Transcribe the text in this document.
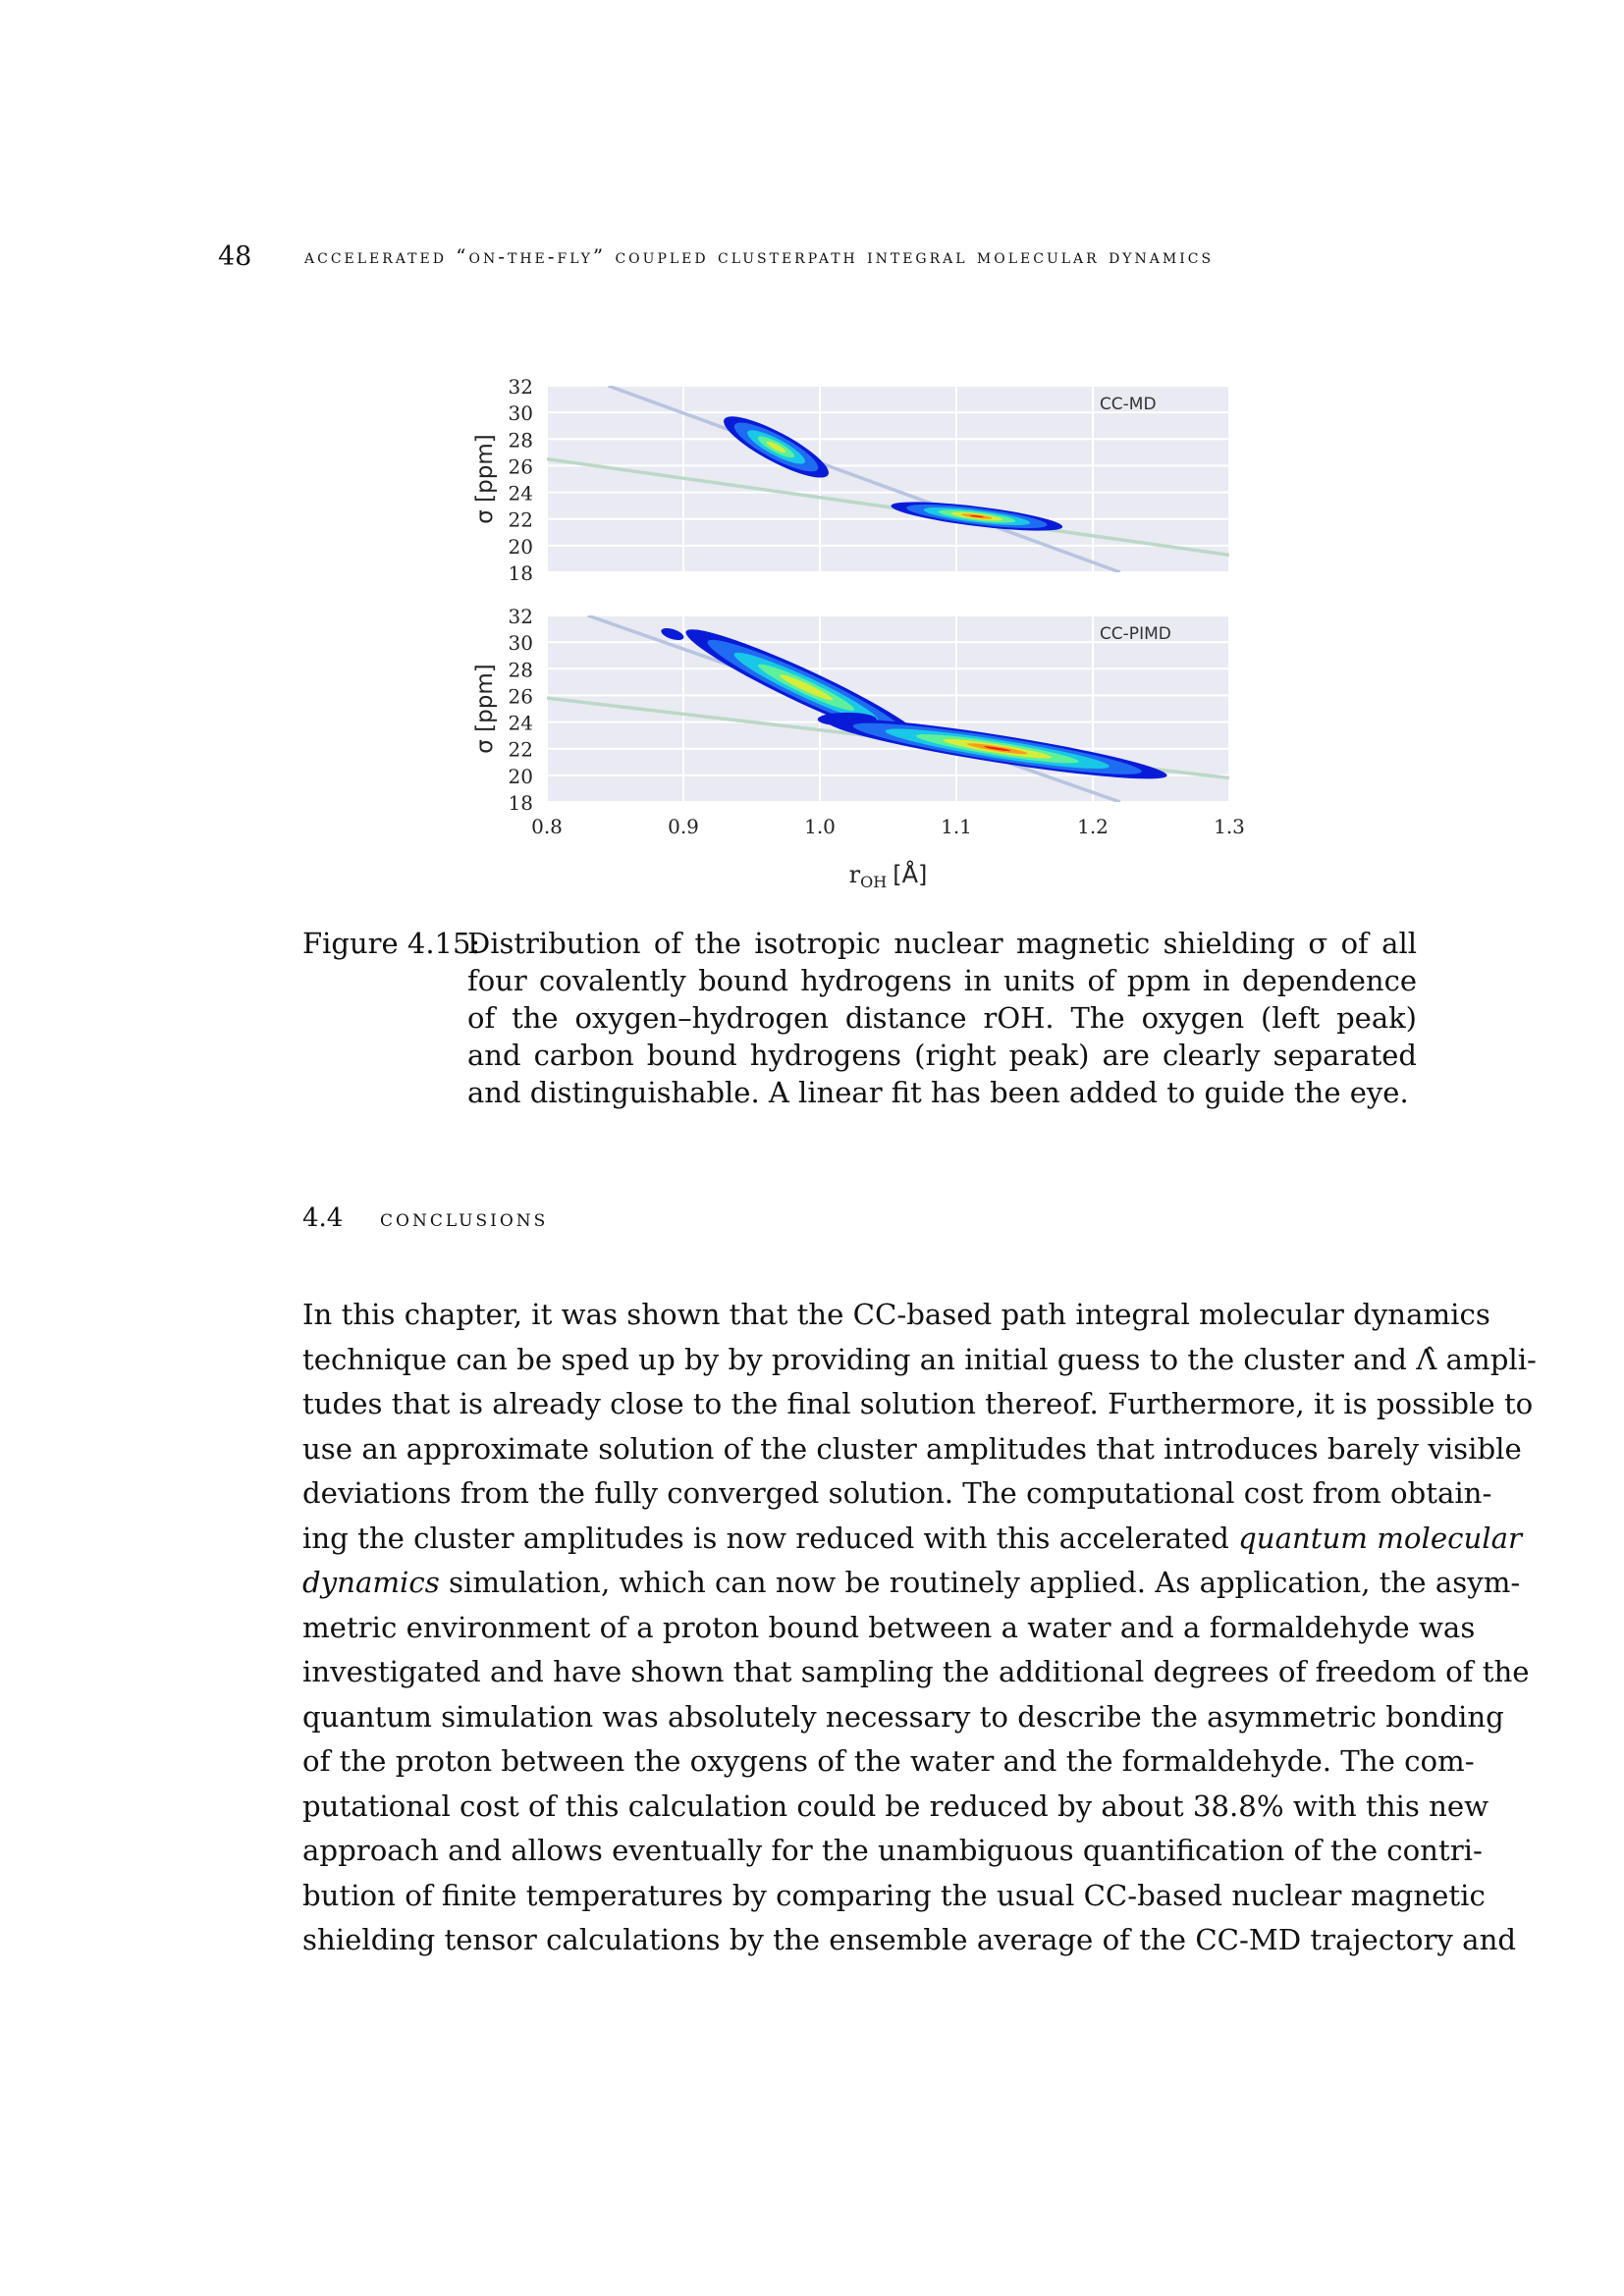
48	accelerated “on-the-fly” coupled clusterpath integral molecular dynamics
18
20
22
24
26
28
30
32
σ [ppm]
CC-MD
18
20
22
24
26
28
30
32
σ [ppm]
CC-PIMD
0.8	0.9	1.0	1.1	1.2	1.3
$r_{OH}$ [Å]
Figure 4.15:
Distribution of the isotropic nuclear magnetic shielding σ of all four covalently bound hydrogens in units of ppm in dependence of the oxygen–hydrogen distance rOH. The oxygen (left peak) and carbon bound hydrogens (right peak) are clearly separated and distinguishable. A linear fit has been added to guide the eye.
4.4 conclusions

In this chapter, it was shown that the CC-based path integral molecular dynamics

technique can be sped up by by providing an initial guess to the cluster and Λ̂ ampli-

tudes that is already close to the final solution thereof. Furthermore, it is possible to

use an approximate solution of the cluster amplitudes that introduces barely visible

deviations from the fully converged solution. The computational cost from obtain-

ing the cluster amplitudes is now reduced with this accelerated quantum molecular

dynamics simulation, which can now be routinely applied. As application, the asym-

metric environment of a proton bound between a water and a formaldehyde was

investigated and have shown that sampling the additional degrees of freedom of the

quantum simulation was absolutely necessary to describe the asymmetric bonding

of the proton between the oxygens of the water and the formaldehyde. The com-

putational cost of this calculation could be reduced by about 38.8% with this new

approach and allows eventually for the unambiguous quantification of the contri-

bution of finite temperatures by comparing the usual CC-based nuclear magnetic

shielding tensor calculations by the ensemble average of the CC-MD trajectory and
